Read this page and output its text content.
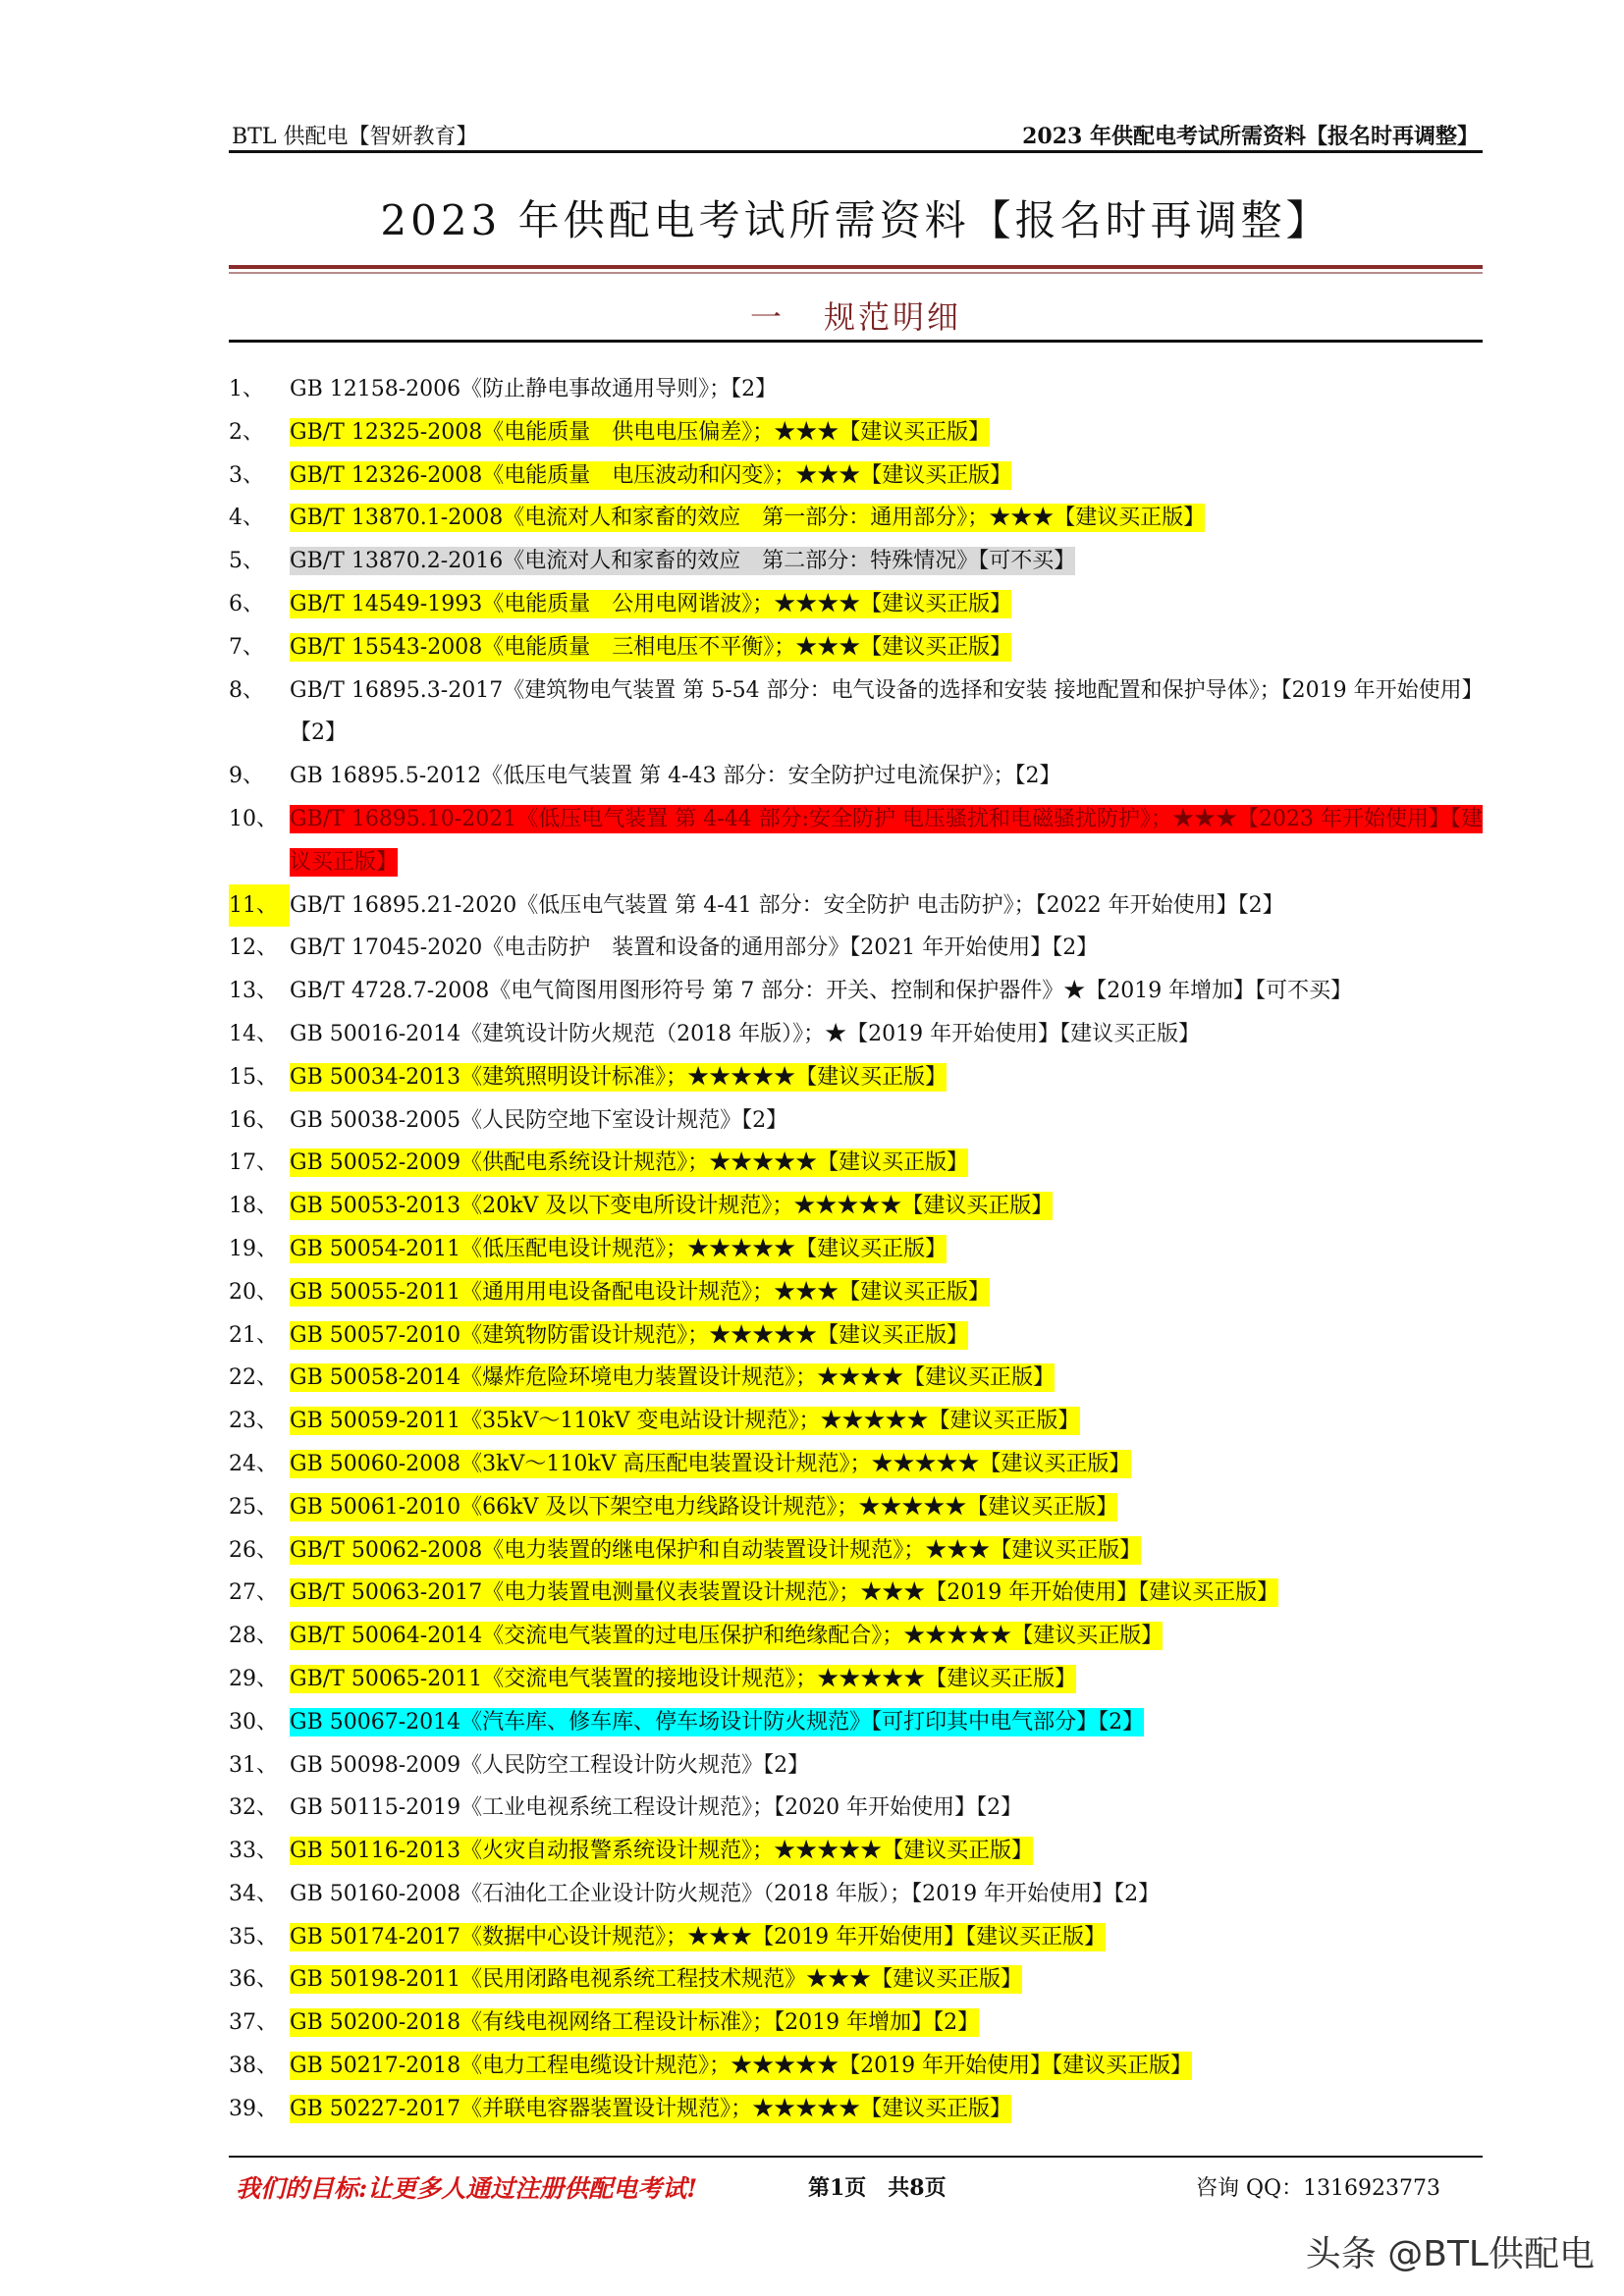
BTL 供配电【智妍教育】	2023 年供配电考试所需资料【报名时再调整】
2023 年供配电考试所需资料【报名时再调整】
一 规范明细
1、	GB 12158-2006《防止静电事故通用导则》；【2】
2、	GB/T 12325-2008《电能质量　供电电压偏差》；★★★【建议买正版】
3、	GB/T 12326-2008《电能质量　电压波动和闪变》；★★★【建议买正版】
4、	GB/T 13870.1-2008《电流对人和家畜的效应　第一部分：通用部分》；★★★【建议买正版】
5、	GB/T 13870.2-2016《电流对人和家畜的效应　第二部分：特殊情况》【可不买】
6、	GB/T 14549-1993《电能质量　公用电网谐波》；★★★★【建议买正版】
7、	GB/T 15543-2008《电能质量　三相电压不平衡》；★★★【建议买正版】
8、	GB/T 16895.3-2017《建筑物电气装置 第 5-54 部分：电气设备的选择和安装 接地配置和保护导体》；【2019 年开始使用】【2】
9、	GB 16895.5-2012《低压电气装置 第 4-43 部分：安全防护过电流保护》；【2】
10、 GB/T 16895.10-2021《低压电气装置 第 4-44 部分:安全防护 电压骚扰和电磁骚扰防护》；★★★【2023 年开始使用】【建议买正版】
11、 GB/T 16895.21-2020《低压电气装置 第 4-41 部分：安全防护 电击防护》；【2022 年开始使用】【2】
12、 GB/T 17045-2020《电击防护　装置和设备的通用部分》【2021 年开始使用】【2】
13、 GB/T 4728.7-2008《电气简图用图形符号 第 7 部分：开关、控制和保护器件》★【2019 年增加】【可不买】
14、 GB 50016-2014《建筑设计防火规范（2018 年版）》；★【2019 年开始使用】【建议买正版】
15、 GB 50034-2013《建筑照明设计标准》；★★★★★【建议买正版】
16、 GB 50038-2005《人民防空地下室设计规范》【2】
17、 GB 50052-2009《供配电系统设计规范》；★★★★★【建议买正版】
18、 GB 50053-2013《20kV 及以下变电所设计规范》；★★★★★【建议买正版】
19、 GB 50054-2011《低压配电设计规范》；★★★★★【建议买正版】
20、 GB 50055-2011《通用用电设备配电设计规范》；★★★【建议买正版】
21、 GB 50057-2010《建筑物防雷设计规范》；★★★★★【建议买正版】
22、 GB 50058-2014《爆炸危险环境电力装置设计规范》；★★★★【建议买正版】
23、 GB 50059-2011《35kV～110kV 变电站设计规范》；★★★★★【建议买正版】
24、 GB 50060-2008《3kV～110kV 高压配电装置设计规范》；★★★★★【建议买正版】
25、 GB 50061-2010《66kV 及以下架空电力线路设计规范》；★★★★★【建议买正版】
26、 GB/T 50062-2008《电力装置的继电保护和自动装置设计规范》；★★★【建议买正版】
27、 GB/T 50063-2017《电力装置电测量仪表装置设计规范》；★★★【2019 年开始使用】【建议买正版】
28、 GB/T 50064-2014《交流电气装置的过电压保护和绝缘配合》；★★★★★【建议买正版】
29、 GB/T 50065-2011《交流电气装置的接地设计规范》；★★★★★【建议买正版】
30、 GB 50067-2014《汽车库、修车库、停车场设计防火规范》【可打印其中电气部分】【2】
31、 GB 50098-2009《人民防空工程设计防火规范》【2】
32、 GB 50115-2019《工业电视系统工程设计规范》；【2020 年开始使用】【2】
33、 GB 50116-2013《火灾自动报警系统设计规范》；★★★★★【建议买正版】
34、 GB 50160-2008《石油化工企业设计防火规范》（2018 年版）；【2019 年开始使用】【2】
35、 GB 50174-2017《数据中心设计规范》；★★★【2019 年开始使用】【建议买正版】
36、 GB 50198-2011《民用闭路电视系统工程技术规范》★★★【建议买正版】
37、 GB 50200-2018《有线电视网络工程设计标准》；【2019 年增加】【2】
38、 GB 50217-2018《电力工程电缆设计规范》；★★★★★【2019 年开始使用】【建议买正版】
39、 GB 50227-2017《并联电容器装置设计规范》；★★★★★【建议买正版】
我们的目标:让更多人通过注册供配电考试!	第1页　共8页	咨询 QQ：1316923773
头条 @BTL供配电
